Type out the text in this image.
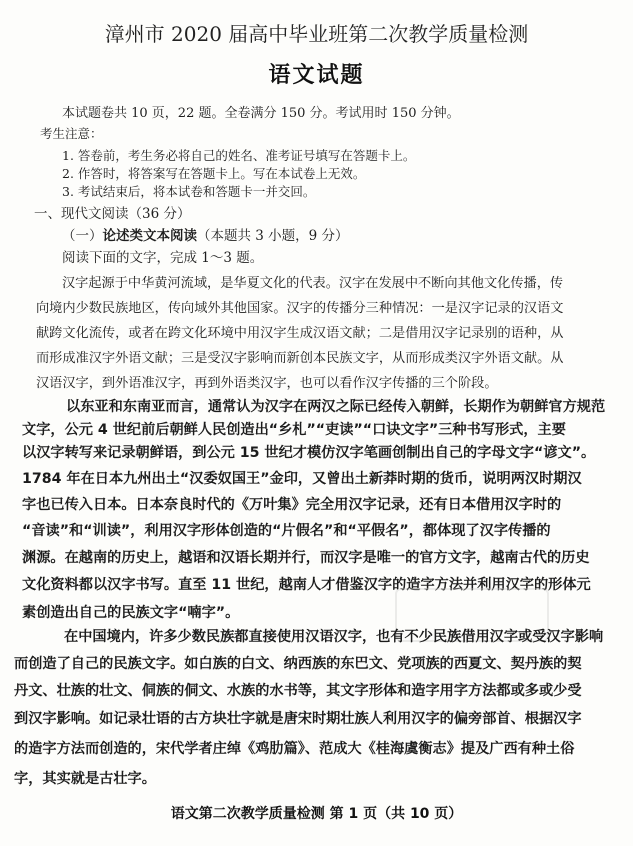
漳州市 2020 届高中毕业班第二次教学质量检测
语文试题
本试题卷共 10 页，22 题。全卷满分 150 分。考试用时 150 分钟。
考生注意：
1. 答卷前，考生务必将自己的姓名、准考证号填写在答题卡上。
2. 作答时，将答案写在答题卡上。写在本试卷上无效。
3. 考试结束后，将本试卷和答题卡一并交回。
一、现代文阅读（36 分）
（一）论述类文本阅读（本题共 3 小题，9 分）
阅读下面的文字，完成 1～3 题。
汉字起源于中华黄河流域，是华夏文化的代表。汉字在发展中不断向其他文化传播，传
向境内少数民族地区，传向域外其他国家。汉字的传播分三种情况：一是汉字记录的汉语文
献跨文化流传，或者在跨文化环境中用汉字生成汉语文献；二是借用汉字记录别的语种，从
而形成准汉字外语文献；三是受汉字影响而新创本民族文字，从而形成类汉字外语文献。从
汉语汉字，到外语准汉字，再到外语类汉字，也可以看作汉字传播的三个阶段。
以东亚和东南亚而言，通常认为汉字在两汉之际已经传入朝鲜，长期作为朝鲜官方规范
文字，公元 4 世纪前后朝鲜人民创造出“乡札”“吏读”“口诀文字”三种书写形式，主要
以汉字转写来记录朝鲜语，到公元 15 世纪才模仿汉字笔画创制出自己的字母文字“谚文”。
1784 年在日本九州出土“汉委奴国王”金印，又曾出土新莽时期的货币，说明两汉时期汉
字也已传入日本。日本奈良时代的《万叶集》完全用汉字记录，还有日本借用汉字时的
“音读”和“训读”，利用汉字形体创造的“片假名”和“平假名”，都体现了汉字传播的
渊源。在越南的历史上，越语和汉语长期并行，而汉字是唯一的官方文字，越南古代的历史
文化资料都以汉字书写。直至 11 世纪，越南人才借鉴汉字的造字方法并利用汉字的形体元
素创造出自己的民族文字“喃字”。
在中国境内，许多少数民族都直接使用汉语汉字，也有不少民族借用汉字或受汉字影响
而创造了自己的民族文字。如白族的白文、纳西族的东巴文、党项族的西夏文、契丹族的契
丹文、壮族的壮文、侗族的侗文、水族的水书等，其文字形体和造字用字方法都或多或少受
到汉字影响。如记录壮语的古方块壮字就是唐宋时期壮族人利用汉字的偏旁部首、根据汉字
的造字方法而创造的，宋代学者庄绰《鸡肋篇》、范成大《桂海虞衡志》提及广西有种土俗
字，其实就是古壮字。
语文第二次教学质量检测 第 1 页（共 10 页）
